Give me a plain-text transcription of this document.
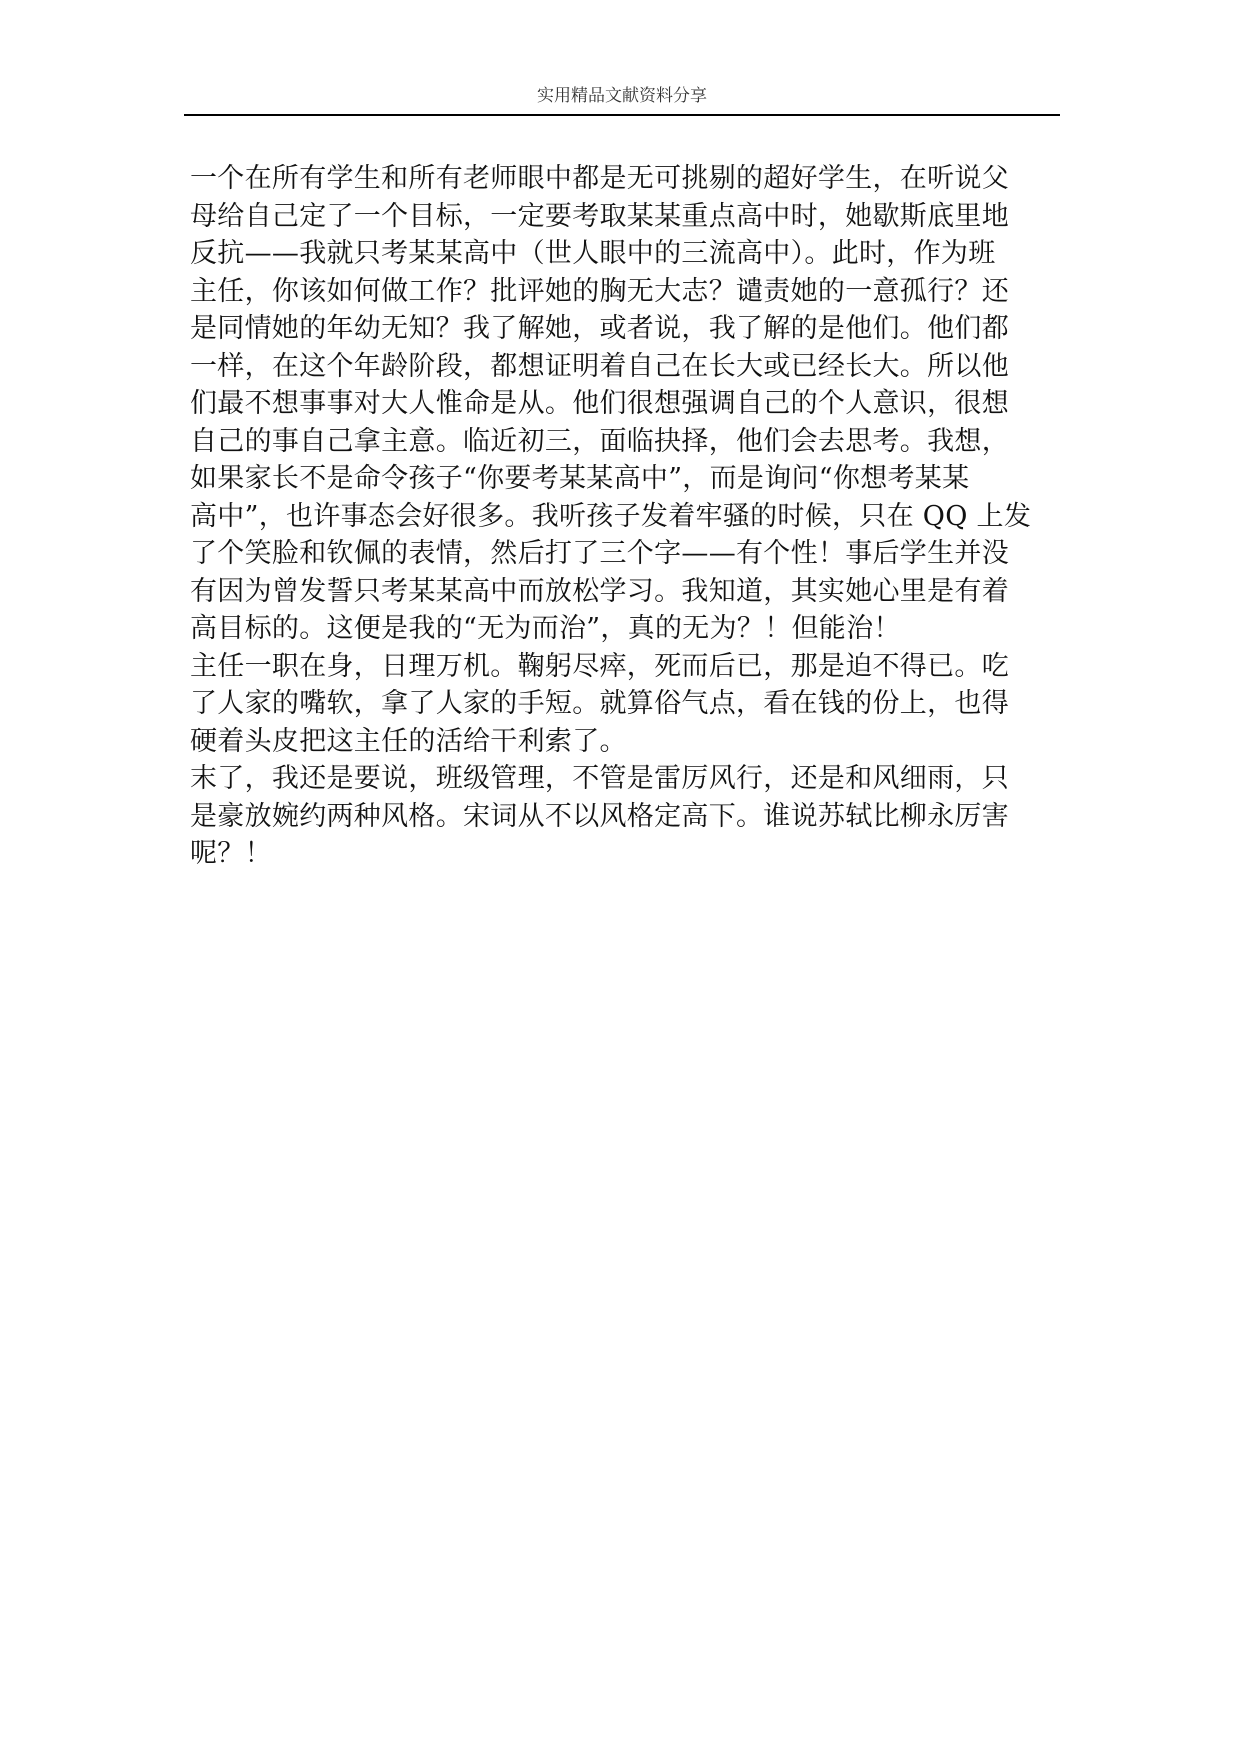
实用精品文献资料分享
一个在所有学生和所有老师眼中都是无可挑剔的超好学生，在听说父
母给自己定了一个目标，一定要考取某某重点高中时，她歇斯底里地
反抗——我就只考某某高中（世人眼中的三流高中）。此时，作为班
主任，你该如何做工作？批评她的胸无大志？谴责她的一意孤行？还
是同情她的年幼无知？我了解她，或者说，我了解的是他们。他们都
一样，在这个年龄阶段，都想证明着自己在长大或已经长大。所以他
们最不想事事对大人惟命是从。他们很想强调自己的个人意识，很想
自己的事自己拿主意。临近初三，面临抉择，他们会去思考。我想，
如果家长不是命令孩子“你要考某某高中”，而是询问“你想考某某
高中”，也许事态会好很多。我听孩子发着牢骚的时候，只在 QQ 上发
了个笑脸和钦佩的表情，然后打了三个字——有个性！事后学生并没
有因为曾发誓只考某某高中而放松学习。我知道，其实她心里是有着
高目标的。这便是我的“无为而治”，真的无为？！但能治！
主任一职在身，日理万机。鞠躬尽瘁，死而后已，那是迫不得已。吃
了人家的嘴软，拿了人家的手短。就算俗气点，看在钱的份上，也得
硬着头皮把这主任的活给干利索了。
末了，我还是要说，班级管理，不管是雷厉风行，还是和风细雨，只
是豪放婉约两种风格。宋词从不以风格定高下。谁说苏轼比柳永厉害
呢？！
